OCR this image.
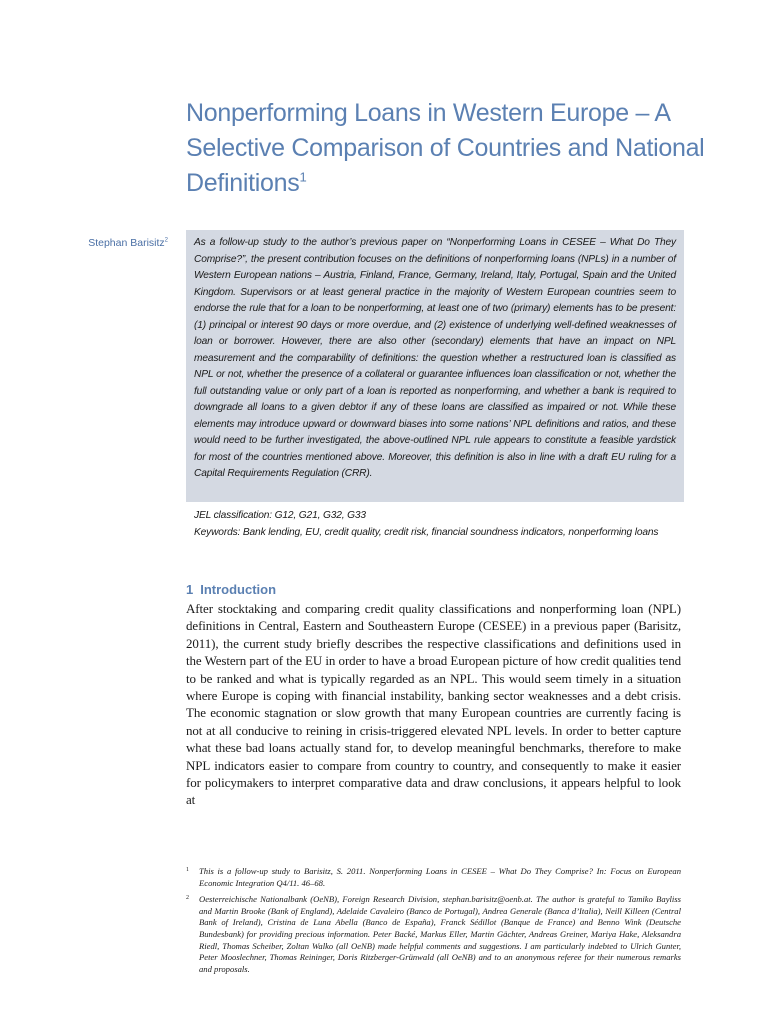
Nonperforming Loans in Western Europe – A Selective Comparison of Countries and National Definitions$^1$
Stephan Barisitz$^2$	As a follow-up study to the author’s previous paper on “Nonperforming Loans in CESEE – What Do They Comprise?”, the present contribution focuses on the definitions of nonperforming loans (NPLs) in a number of Western European nations – Austria, Finland, France, Germany, Ireland, Italy, Portugal, Spain and the United Kingdom. Supervisors or at least general practice in the majority of Western European countries seem to endorse the rule that for a loan to be nonperforming, at least one of two (primary) elements has to be present: (1) principal or interest 90 days or more overdue, and (2) existence of underlying well-defined weaknesses of loan or borrower. However, there are also other (secondary) elements that have an impact on NPL measurement and the comparability of definitions: the question whether a restructured loan is classified as NPL or not, whether the presence of a collateral or guarantee influences loan classification or not, whether the full outstanding value or only part of a loan is reported as nonperforming, and whether a bank is required to downgrade all loans to a given debtor if any of these loans are classified as impaired or not. While these elements may introduce upward or downward biases into some nations’ NPL definitions and ratios, and these would need to be further investigated, the above-outlined NPL rule appears to constitute a feasible yardstick for most of the countries mentioned above. Moreover, this definition is also in line with a draft EU ruling for a Capital Requirements Regulation (CRR).
JEL classification: G12, G21, G32, G33
Keywords: Bank lending, EU, credit quality, credit risk, financial soundness indicators, nonperforming loans
1 Introduction

After stocktaking and comparing credit quality classifications and nonperforming loan (NPL) definitions in Central, Eastern and Southeastern Europe (CESEE) in a previous paper (Barisitz, 2011), the current study briefly describes the respective classifications and definitions used in the Western part of the EU in order to have a broad European picture of how credit qualities tend to be ranked and what is typically regarded as an NPL. This would seem timely in a situation where Europe is coping with financial instability, banking sector weaknesses and a debt crisis. The economic stagnation or slow growth that many European countries are currently facing is not at all conducive to reining in crisis-triggered elevated NPL levels. In order to better capture what these bad loans actually stand for, to develop meaningful benchmarks, therefore to make NPL indicators easier to compare from country to country, and consequently to make it easier for policymakers to interpret comparative data and draw conclusions, it appears helpful to look at

1 This is a follow-up study to Barisitz, S. 2011. Nonperforming Loans in CESEE – What Do They Comprise? In: Focus on European Economic Integration Q4/11. 46–68.
2 Oesterreichische Nationalbank (OeNB), Foreign Research Division, stephan.barisitz@oenb.at. The author is grateful to Tamiko Bayliss and Martin Brooke (Bank of England), Adelaide Cavaleiro (Banco de Portugal), Andrea Generale (Banca d’Italia), Neill Killeen (Central Bank of Ireland), Cristina de Luna Abella (Banco de España), Franck Sédillot (Banque de France) and Benno Wink (Deutsche Bundesbank) for providing precious information. Peter Backé, Markus Eller, Martin Gächter, Andreas Greiner, Mariya Hake, Aleksandra Riedl, Thomas Scheiber, Zoltan Walko (all OeNB) made helpful comments and suggestions. I am particularly indebted to Ulrich Gunter, Peter Mooslechner, Thomas Reininger, Doris Ritzberger-Grünwald (all OeNB) and to an anonymous referee for their numerous remarks and proposals.
